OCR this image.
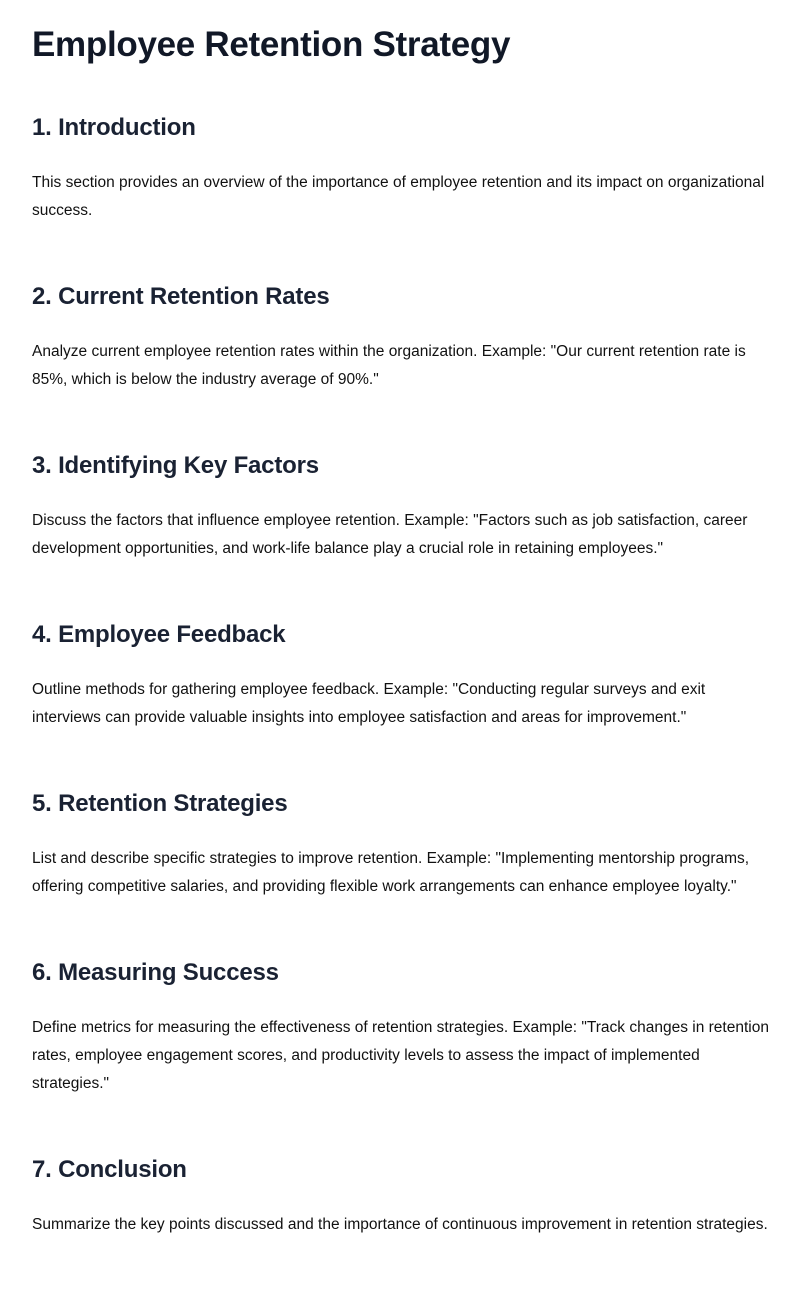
Employee Retention Strategy
1. Introduction

This section provides an overview of the importance of employee retention and its impact on organizational success.

2. Current Retention Rates

Analyze current employee retention rates within the organization. Example: "Our current retention rate is 85%, which is below the industry average of 90%."

3. Identifying Key Factors

Discuss the factors that influence employee retention. Example: "Factors such as job satisfaction, career development opportunities, and work-life balance play a crucial role in retaining employees."

4. Employee Feedback

Outline methods for gathering employee feedback. Example: "Conducting regular surveys and exit interviews can provide valuable insights into employee satisfaction and areas for improvement."

5. Retention Strategies

List and describe specific strategies to improve retention. Example: "Implementing mentorship programs, offering competitive salaries, and providing flexible work arrangements can enhance employee loyalty."

6. Measuring Success

Define metrics for measuring the effectiveness of retention strategies. Example: "Track changes in retention rates, employee engagement scores, and productivity levels to assess the impact of implemented strategies."

7. Conclusion

Summarize the key points discussed and the importance of continuous improvement in retention strategies.
